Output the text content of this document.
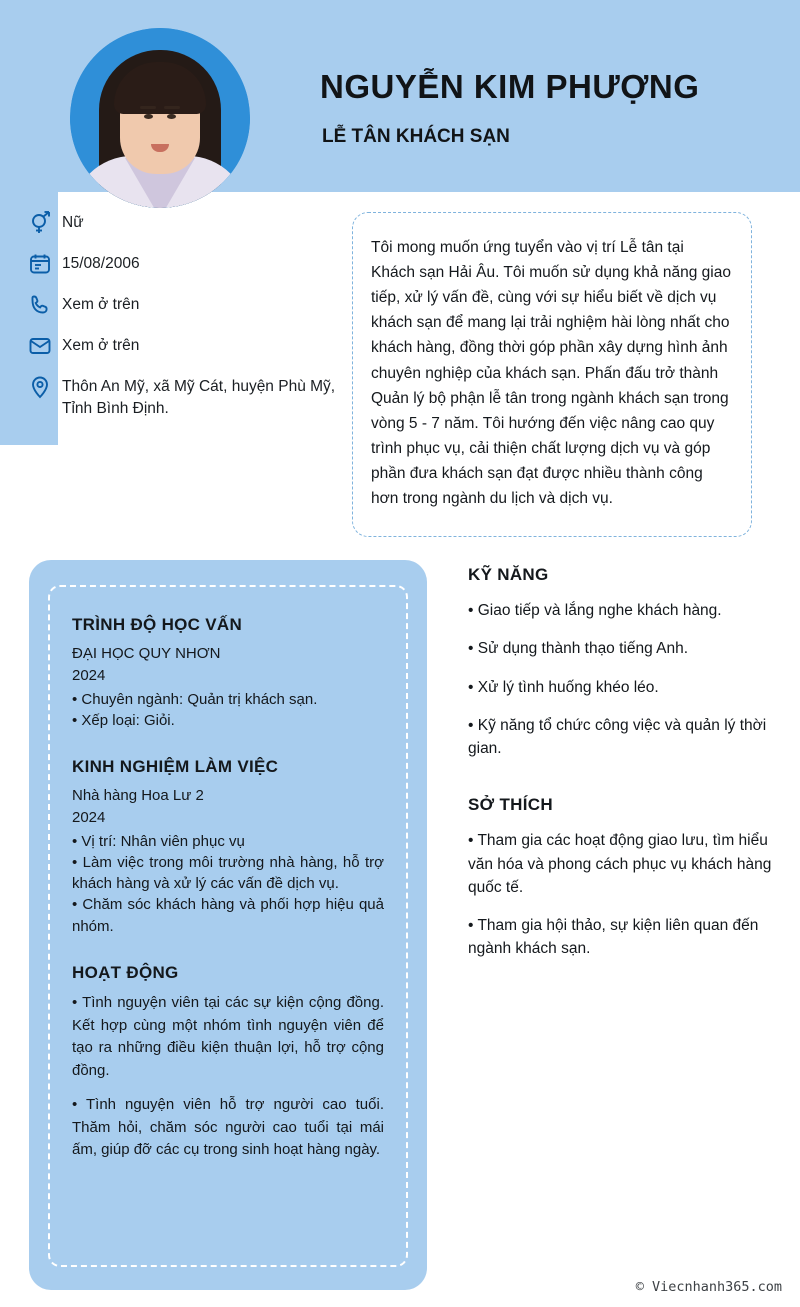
NGUYỄN KIM PHƯỢNG
LỄ TÂN KHÁCH SẠN
Nữ
15/08/2006
Xem ở trên
Xem ở trên
Thôn An Mỹ, xã Mỹ Cát, huyện Phù Mỹ, Tỉnh Bình Định.

Tôi mong muốn ứng tuyển vào vị trí Lễ tân tại Khách sạn Hải Âu. Tôi muốn sử dụng khả năng giao tiếp, xử lý vấn đề, cùng với sự hiểu biết về dịch vụ khách sạn để mang lại trải nghiệm hài lòng nhất cho khách hàng, đồng thời góp phần xây dựng hình ảnh chuyên nghiệp của khách sạn. Phấn đấu trở thành Quản lý bộ phận lễ tân trong ngành khách sạn trong vòng 5 - 7 năm. Tôi hướng đến việc nâng cao quy trình phục vụ, cải thiện chất lượng dịch vụ và góp phần đưa khách sạn đạt được nhiều thành công hơn trong ngành du lịch và dịch vụ.

TRÌNH ĐỘ HỌC VẤN
ĐẠI HỌC QUY NHƠN
2024
• Chuyên ngành: Quản trị khách sạn.
• Xếp loại: Giỏi.
KINH NGHIỆM LÀM VIỆC
Nhà hàng Hoa Lư 2
2024
• Vị trí: Nhân viên phục vụ
• Làm việc trong môi trường nhà hàng, hỗ trợ khách hàng và xử lý các vấn đề dịch vụ.
• Chăm sóc khách hàng và phối hợp hiệu quả nhóm.
HOẠT ĐỘNG
• Tình nguyện viên tại các sự kiện cộng đồng. Kết hợp cùng một nhóm tình nguyện viên để tạo ra những điều kiện thuận lợi, hỗ trợ cộng đồng.
• Tình nguyện viên hỗ trợ người cao tuổi. Thăm hỏi, chăm sóc người cao tuổi tại mái ấm, giúp đỡ các cụ trong sinh hoạt hàng ngày.
KỸ NĂNG
• Giao tiếp và lắng nghe khách hàng.
• Sử dụng thành thạo tiếng Anh.
• Xử lý tình huống khéo léo.
• Kỹ năng tổ chức công việc và quản lý thời gian.
SỞ THÍCH
• Tham gia các hoạt động giao lưu, tìm hiểu văn hóa và phong cách phục vụ khách hàng quốc tế.
• Tham gia hội thảo, sự kiện liên quan đến ngành khách sạn.
© Viecnhanh365.com
